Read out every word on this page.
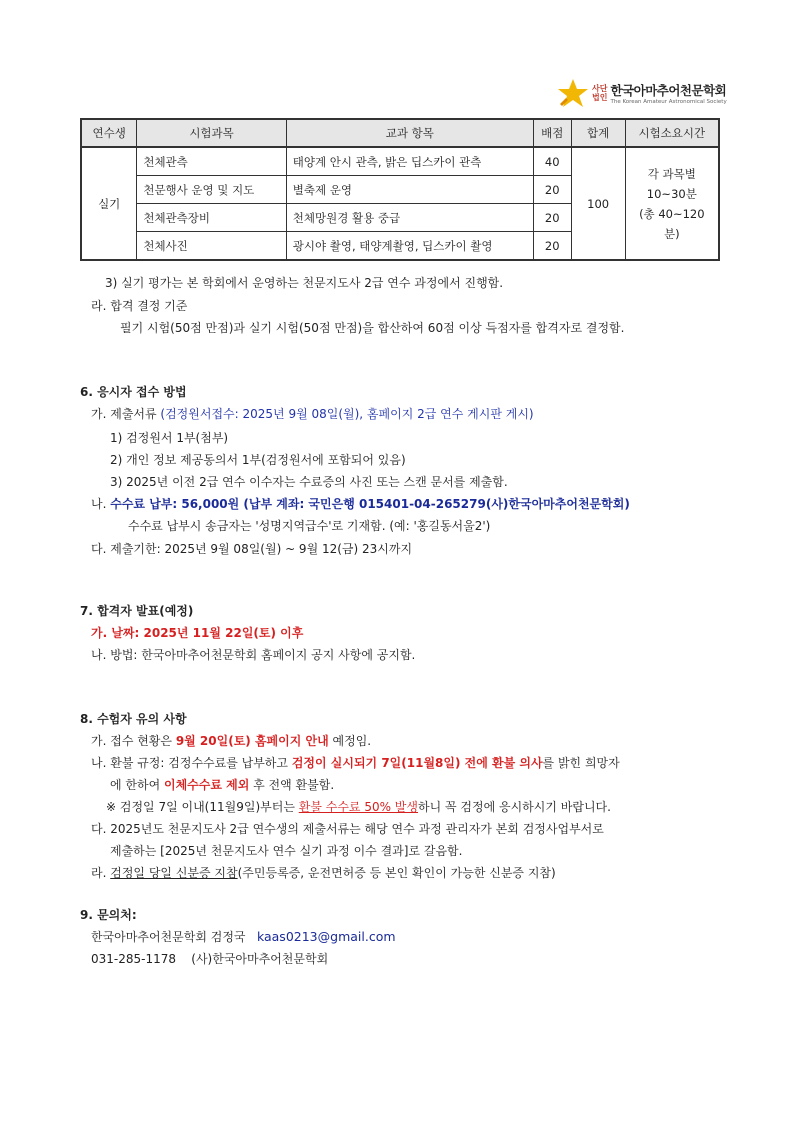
사단
법인 한국아마추어천문학회
The Korean Amateur Astronomical Society
연수생	시험과목	교과 항목	배점	합계	시험소요시간
실기	천체관측	태양계 안시 관측, 밝은 딥스카이 관측	40	100	각 과목별
10~30분
(총 40~120분)

	천문행사 운영 및 지도	별축제 운영	20		
	천체관측장비	천체망원경 활용 중급	20		
	천체사진	광시야 촬영, 태양계촬영, 딥스카이 촬영	20		
3) 실기 평가는 본 학회에서 운영하는 천문지도사 2급 연수 과정에서 진행함.
라. 합격 결정 기준
필기 시험(50점 만점)과 실기 시험(50점 만점)을 합산하여 60점 이상 득점자를 합격자로 결정함.
6. 응시자 접수 방법
가. 제출서류 (검정원서접수: 2025년 9월 08일(월), 홈페이지 2급 연수 게시판 게시)
1) 검정원서 1부(첨부)
2) 개인 정보 제공동의서 1부(검정원서에 포함되어 있음)
3) 2025년 이전 2급 연수 이수자는 수료증의 사진 또는 스캔 문서를 제출함.
나. 수수료 납부: 56,000원 (납부 계좌: 국민은행 015401-04-265279(사)한국아마추어천문학회)
수수료 납부시 송금자는 '성명지역급수'로 기재함. (예: '홍길동서울2')
다. 제출기한: 2025년 9월 08일(월) ~ 9월 12(금) 23시까지
7. 합격자 발표(예정)
가. 날짜: 2025년 11월 22일(토) 이후
나. 방법: 한국아마추어천문학회 홈페이지 공지 사항에 공지함.
8. 수험자 유의 사항
가. 접수 현황은 9월 20일(토) 홈페이지 안내 예정임.
나. 환불 규정: 검정수수료를 납부하고 검정이 실시되기 7일(11월8일) 전에 환불 의사를 밝힌 희망자
에 한하여 이체수수료 제외 후 전액 환불함.
※ 검정일 7일 이내(11월9일)부터는 환불 수수료 50% 발생하니 꼭 검정에 응시하시기 바랍니다.
다. 2025년도 천문지도사 2급 연수생의 제출서류는 해당 연수 과정 관리자가 본회 검정사업부서로
제출하는 [2025년 천문지도사 연수 실기 과정 이수 결과]로 갈음함.
라. 검정일 당일 신분증 지참(주민등록증, 운전면허증 등 본인 확인이 가능한 신분증 지참)
9. 문의처:
한국아마추어천문학회 검정국 kaas0213@gmail.com
031-285-1178 (사)한국아마추어천문학회
